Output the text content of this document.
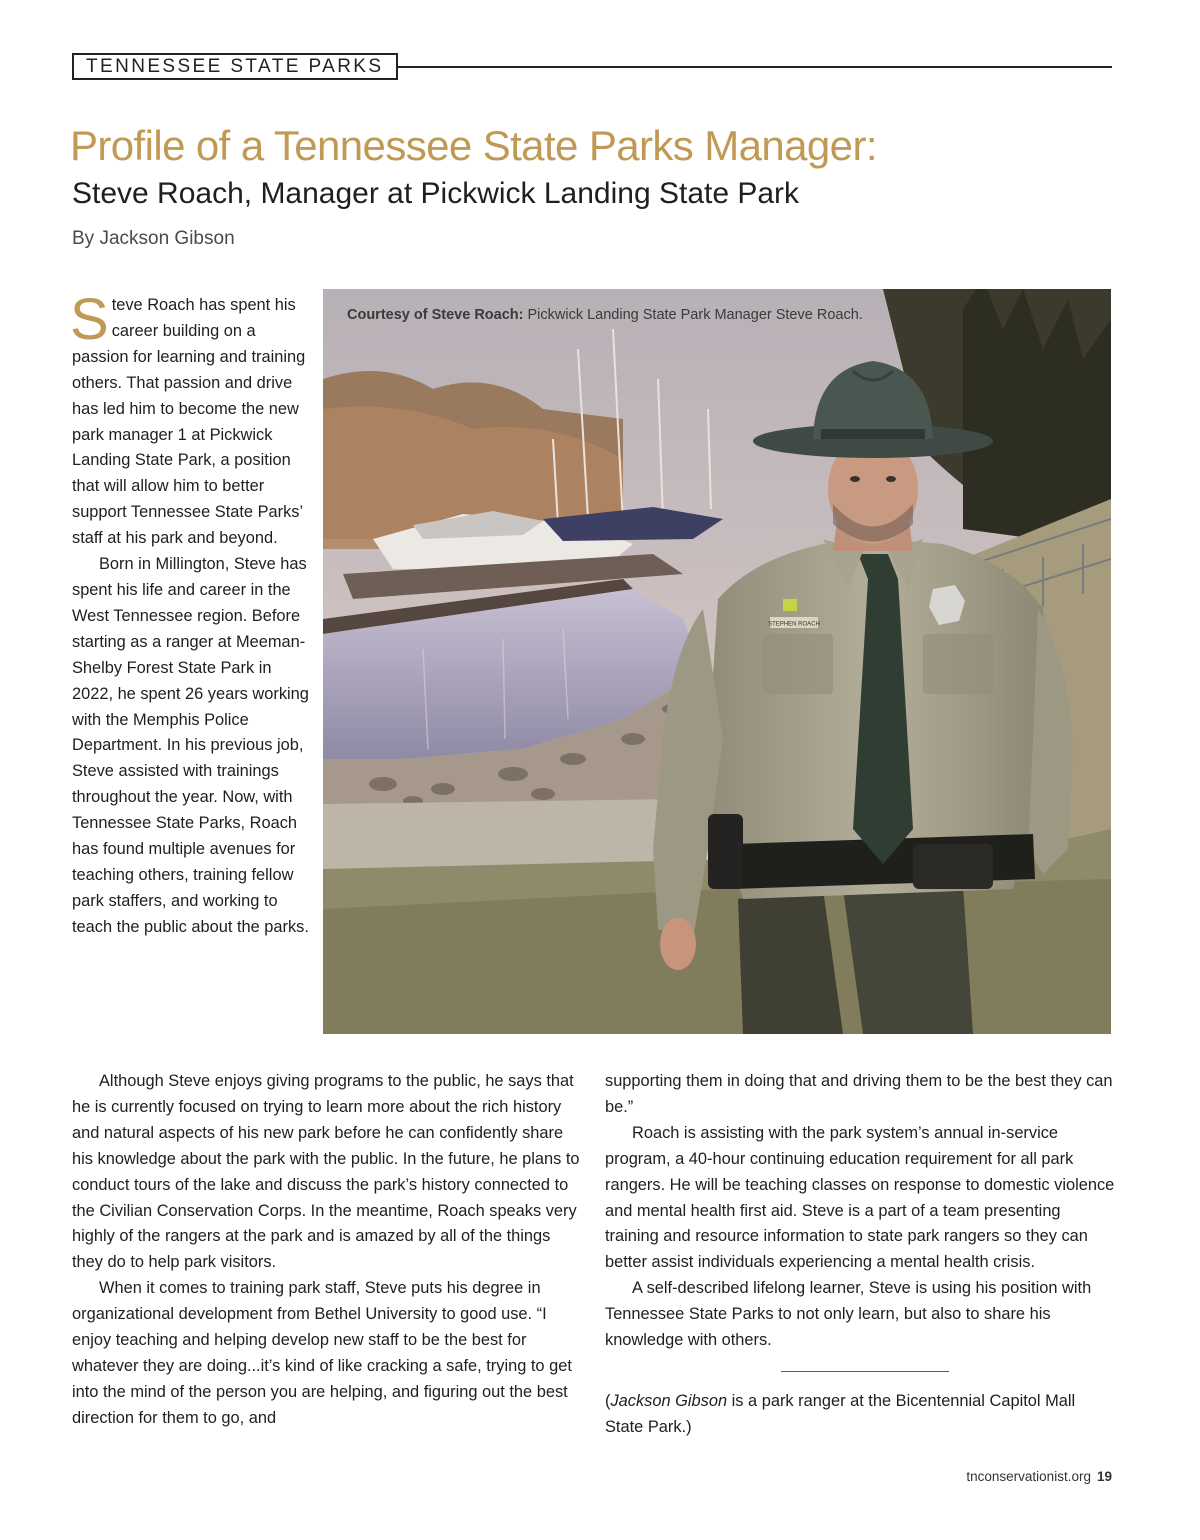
TENNESSEE STATE PARKS
Profile of a Tennessee State Parks Manager:
Steve Roach, Manager at Pickwick Landing State Park
By Jackson Gibson
STEPHEN ROACH
Courtesy of Steve Roach: Pickwick Landing State Park Manager Steve Roach.

Steve Roach has spent his career building on a passion for learning and training others. That passion and drive has led him to become the new park manager 1 at Pickwick Landing State Park, a position that will allow him to better support Tennessee State Parks’ staff at his park and beyond.

Born in Millington, Steve has spent his life and career in the West Tennessee region. Before starting as a ranger at Meeman-Shelby Forest State Park in 2022, he spent 26 years working with the Memphis Police Department. In his previous job, Steve assisted with trainings throughout the year. Now, with Tennessee State Parks, Roach has found multiple avenues for teaching others, training fellow park staffers, and working to teach the public about the parks.

Although Steve enjoys giving programs to the public, he says that he is currently focused on trying to learn more about the rich history and natural aspects of his new park before he can confidently share his knowledge about the park with the public. In the future, he plans to conduct tours of the lake and discuss the park’s history connected to the Civilian Conservation Corps. In the meantime, Roach speaks very highly of the rangers at the park and is amazed by all of the things they do to help park visitors.

When it comes to training park staff, Steve puts his degree in organizational development from Bethel University to good use. “I enjoy teaching and helping develop new staff to be the best for whatever they are doing...it’s kind of like cracking a safe, trying to get into the mind of the person you are helping, and figuring out the best direction for them to go, and

supporting them in doing that and driving them to be the best they can be.”

Roach is assisting with the park system’s annual in-service program, a 40-hour continuing education requirement for all park rangers. He will be teaching classes on response to domestic violence and mental health first aid. Steve is a part of a team presenting training and resource information to state park rangers so they can better assist individuals experiencing a mental health crisis.

A self-described lifelong learner, Steve is using his position with Tennessee State Parks to not only learn, but also to share his knowledge with others.

(Jackson Gibson is a park ranger at the Bicentennial Capitol Mall State Park.)

tnconservationist.org 19
